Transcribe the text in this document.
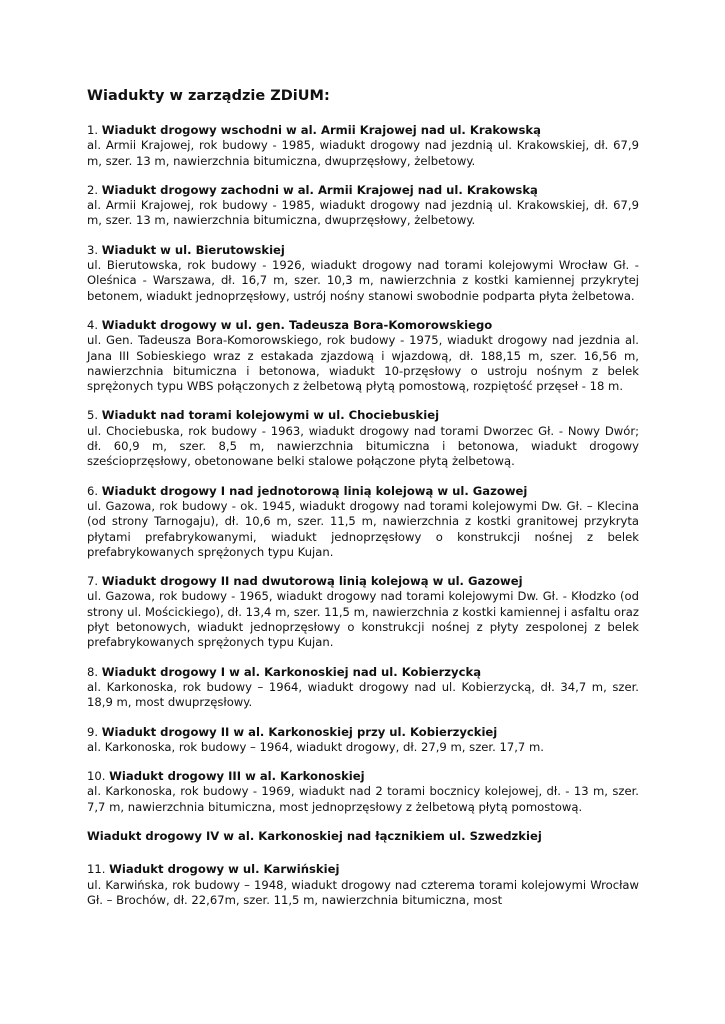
Wiadukty w zarządzie ZDiUM:

1. Wiadukt drogowy wschodni w al. Armii Krajowej nad ul. Krakowską

al. Armii Krajowej, rok budowy - 1985, wiadukt drogowy nad jezdnią ul. Krakowskiej, dł. 67,9 m, szer. 13 m, nawierzchnia bitumiczna, dwuprzęsłowy, żelbetowy.

2. Wiadukt drogowy zachodni w al. Armii Krajowej nad ul. Krakowską

al. Armii Krajowej, rok budowy - 1985, wiadukt drogowy nad jezdnią ul. Krakowskiej, dł. 67,9 m, szer. 13 m, nawierzchnia bitumiczna, dwuprzęsłowy, żelbetowy.

3. Wiadukt w ul. Bierutowskiej

ul. Bierutowska, rok budowy - 1926, wiadukt drogowy nad torami kolejowymi Wrocław Gł. - Oleśnica - Warszawa, dł. 16,7 m, szer. 10,3 m, nawierzchnia z kostki kamiennej przykrytej betonem, wiadukt jednoprzęsłowy, ustrój nośny stanowi swobodnie podparta płyta żelbetowa.

4. Wiadukt drogowy w ul. gen. Tadeusza Bora-Komorowskiego

ul. Gen. Tadeusza Bora-Komorowskiego, rok budowy - 1975, wiadukt drogowy nad jezdnia al. Jana III Sobieskiego wraz z estakada zjazdową i wjazdową, dł. 188,15 m, szer. 16,56 m, nawierzchnia bitumiczna i betonowa, wiadukt 10-przęsłowy o ustroju nośnym z belek sprężonych typu WBS połączonych z żelbetową płytą pomostową, rozpiętość przęseł - 18 m.

5. Wiadukt nad torami kolejowymi w ul. Chociebuskiej

ul. Chociebuska, rok budowy - 1963, wiadukt drogowy nad torami Dworzec Gł. - Nowy Dwór; dł. 60,9 m, szer. 8,5 m, nawierzchnia bitumiczna i betonowa, wiadukt drogowy sześcioprzęsłowy, obetonowane belki stalowe połączone płytą żelbetową.

6. Wiadukt drogowy I nad jednotorową linią kolejową w ul. Gazowej

ul. Gazowa, rok budowy - ok. 1945, wiadukt drogowy nad torami kolejowymi Dw. Gł. – Klecina (od strony Tarnogaju), dł. 10,6 m, szer. 11,5 m, nawierzchnia z kostki granitowej przykryta płytami prefabrykowanymi, wiadukt jednoprzęsłowy o konstrukcji nośnej z belek prefabrykowanych sprężonych typu Kujan.

7. Wiadukt drogowy II nad dwutorową linią kolejową w ul. Gazowej

ul. Gazowa, rok budowy - 1965, wiadukt drogowy nad torami kolejowymi Dw. Gł. - Kłodzko (od strony ul. Mościckiego), dł. 13,4 m, szer. 11,5 m, nawierzchnia z kostki kamiennej i asfaltu oraz płyt betonowych, wiadukt jednoprzęsłowy o konstrukcji nośnej z płyty zespolonej z belek prefabrykowanych sprężonych typu Kujan.

8. Wiadukt drogowy I w al. Karkonoskiej nad ul. Kobierzycką

al. Karkonoska, rok budowy – 1964, wiadukt drogowy nad ul. Kobierzycką, dł. 34,7 m, szer. 18,9 m, most dwuprzęsłowy.

9. Wiadukt drogowy II w al. Karkonoskiej przy ul. Kobierzyckiej

al. Karkonoska, rok budowy – 1964, wiadukt drogowy, dł. 27,9 m, szer. 17,7 m.

10. Wiadukt drogowy III w al. Karkonoskiej

al. Karkonoska, rok budowy - 1969, wiadukt nad 2 torami bocznicy kolejowej, dł. - 13 m, szer. 7,7 m, nawierzchnia bitumiczna, most jednoprzęsłowy z żelbetową płytą pomostową.

Wiadukt drogowy IV w al. Karkonoskiej nad łącznikiem ul. Szwedzkiej

11. Wiadukt drogowy w ul. Karwińskiej

ul. Karwińska, rok budowy – 1948, wiadukt drogowy nad czterema torami kolejowymi Wrocław Gł. – Brochów, dł. 22,67m, szer. 11,5 m, nawierzchnia bitumiczna, most
